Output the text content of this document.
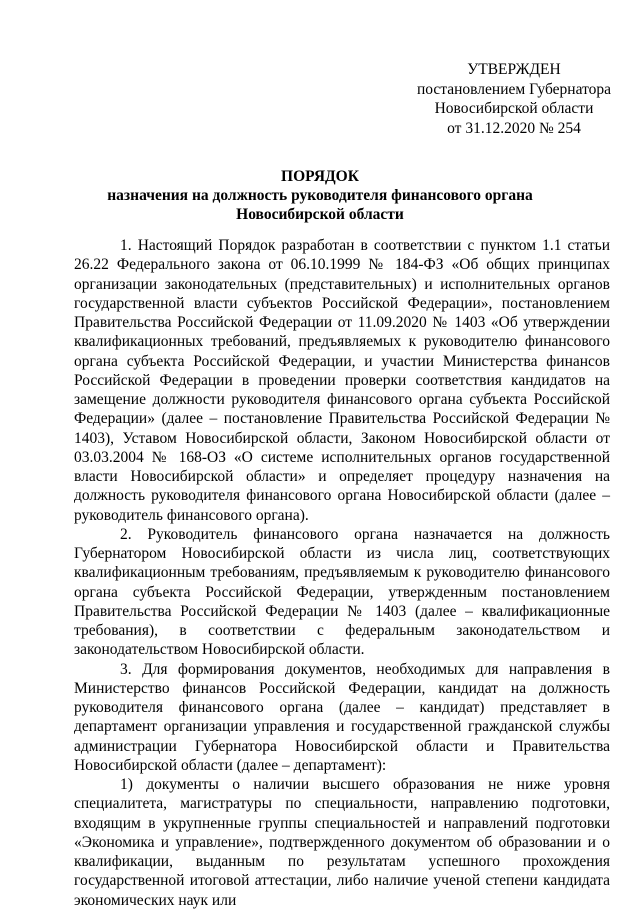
УТВЕРЖДЕН
постановлением Губернатора
Новосибирской области
от 31.12.2020 № 254
ПОРЯДОК
назначения на должность руководителя финансового органа
Новосибирской области

1. Настоящий Порядок разработан в соответствии с пунктом 1.1 статьи 26.22 Федерального закона от 06.10.1999 № 184-ФЗ «Об общих принципах организации законодательных (представительных) и исполнительных органов государственной власти субъектов Российской Федерации», постановлением Правительства Российской Федерации от 11.09.2020 № 1403 «Об утверждении квалификационных требований, предъявляемых к руководителю финансового органа субъекта Российской Федерации, и участии Министерства финансов Российской Федерации в проведении проверки соответствия кандидатов на замещение должности руководителя финансового органа субъекта Российской Федерации» (далее – постановление Правительства Российской Федерации № 1403), Уставом Новосибирской области, Законом Новосибирской области от 03.03.2004 № 168-ОЗ «О системе исполнительных органов государственной власти Новосибирской области» и определяет процедуру назначения на должность руководителя финансового органа Новосибирской области (далее – руководитель финансового органа).

2. Руководитель финансового органа назначается на должность Губернатором Новосибирской области из числа лиц, соответствующих квалификационным требованиям, предъявляемым к руководителю финансового органа субъекта Российской Федерации, утвержденным постановлением Правительства Российской Федерации № 1403 (далее – квалификационные требования), в соответствии с федеральным законодательством и законодательством Новосибирской области.

3. Для формирования документов, необходимых для направления в Министерство финансов Российской Федерации, кандидат на должность руководителя финансового органа (далее – кандидат) представляет в департамент организации управления и государственной гражданской службы администрации Губернатора Новосибирской области и Правительства Новосибирской области (далее – департамент):

1) документы о наличии высшего образования не ниже уровня специалитета, магистратуры по специальности, направлению подготовки, входящим в укрупненные группы специальностей и направлений подготовки «Экономика и управление», подтвержденного документом об образовании и о квалификации, выданным по результатам успешного прохождения государственной итоговой аттестации, либо наличие ученой степени кандидата экономических наук или
